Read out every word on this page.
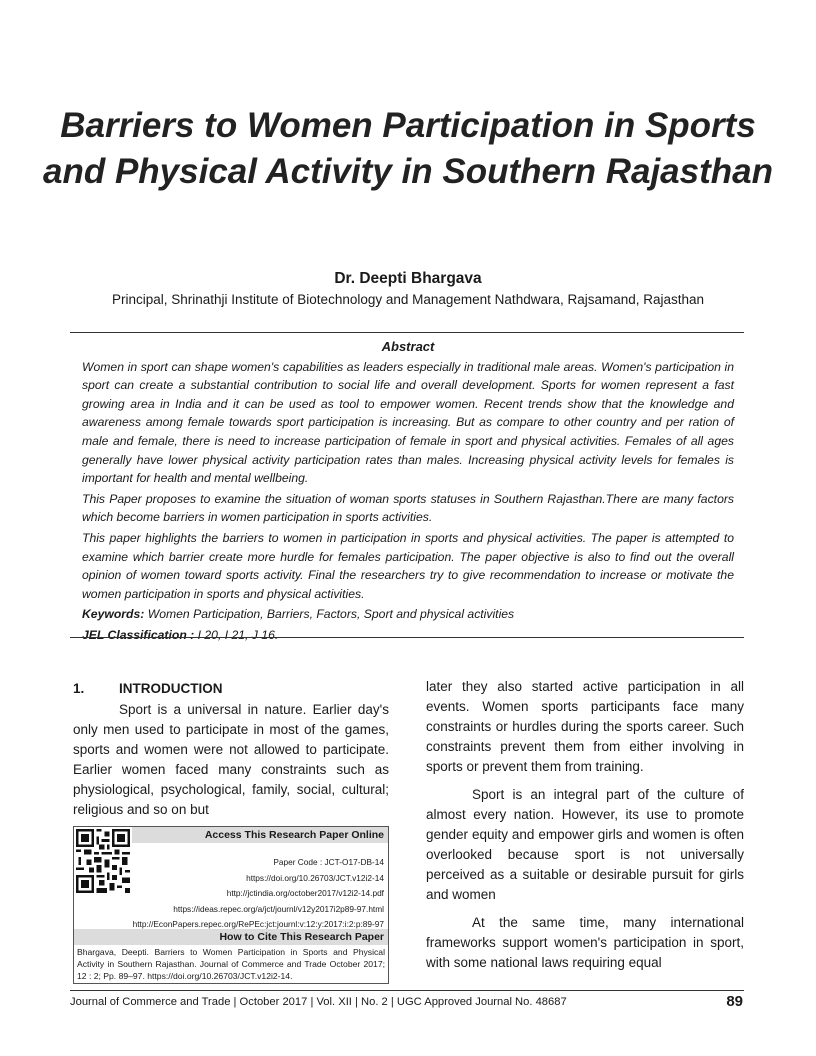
Barriers to Women Participation in Sports
and Physical Activity in Southern Rajasthan
Dr. Deepti Bhargava
Principal, Shrinathji Institute of Biotechnology and Management Nathdwara, Rajsamand, Rajasthan
Abstract

Women in sport can shape women's capabilities as leaders especially in traditional male areas. Women's participation in sport can create a substantial contribution to social life and overall development. Sports for women represent a fast growing area in India and it can be used as tool to empower women. Recent trends show that the knowledge and awareness among female towards sport participation is increasing. But as compare to other country and per ration of male and female, there is need to increase participation of female in sport and physical activities. Females of all ages generally have lower physical activity participation rates than males. Increasing physical activity levels for females is important for health and mental wellbeing.

This Paper proposes to examine the situation of woman sports statuses in Southern Rajasthan.There are many factors which become barriers in women participation in sports activities.

This paper highlights the barriers to women in participation in sports and physical activities. The paper is attempted to examine which barrier create more hurdle for females participation. The paper objective is also to find out the overall opinion of women toward sports activity. Final the researchers try to give recommendation to increase or motivate the women participation in sports and physical activities.

Keywords: Women Participation, Barriers, Factors, Sport and physical activities

JEL Classification : I 20, I 21, J 16.

1.	INTRODUCTION

Sport is a universal in nature. Earlier day's only men used to participate in most of the games, sports and women were not allowed to participate. Earlier women faced many constraints such as physiological, psychological, family, social, cultural; religious and so on but

later they also started active participation in all events. Women sports participants face many constraints or hurdles during the sports career. Such constraints prevent them from either involving in sports or prevent them from training.

Sport is an integral part of the culture of almost every nation. However, its use to promote gender equity and empower girls and women is often overlooked because sport is not universally perceived as a suitable or desirable pursuit for girls and women

At the same time, many international frameworks support women's participation in sport, with some national laws requiring equal

Access This Research Paper Online
Paper Code : JCT-O17-DB-14
https://doi.org/10.26703/JCT.v12i2-14
http://jctindia.org/october2017/v12i2-14.pdf
https://ideas.repec.org/a/jct/journl/v12y2017i2p89-97.html
http://EconPapers.repec.org/RePEc:jct:journl:v:12:y:2017:i:2:p:89-97
How to Cite This Research Paper
Bhargava, Deepti. Barriers to Women Participation in Sports and Physical Activity in Southern Rajasthan. Journal of Commerce and Trade October 2017; 12 : 2; Pp. 89–97. https://doi.org/10.26703/JCT.v12i2-14.
Journal of Commerce and Trade | October 2017 | Vol. XII | No. 2 | UGC Approved Journal No. 48687	89
